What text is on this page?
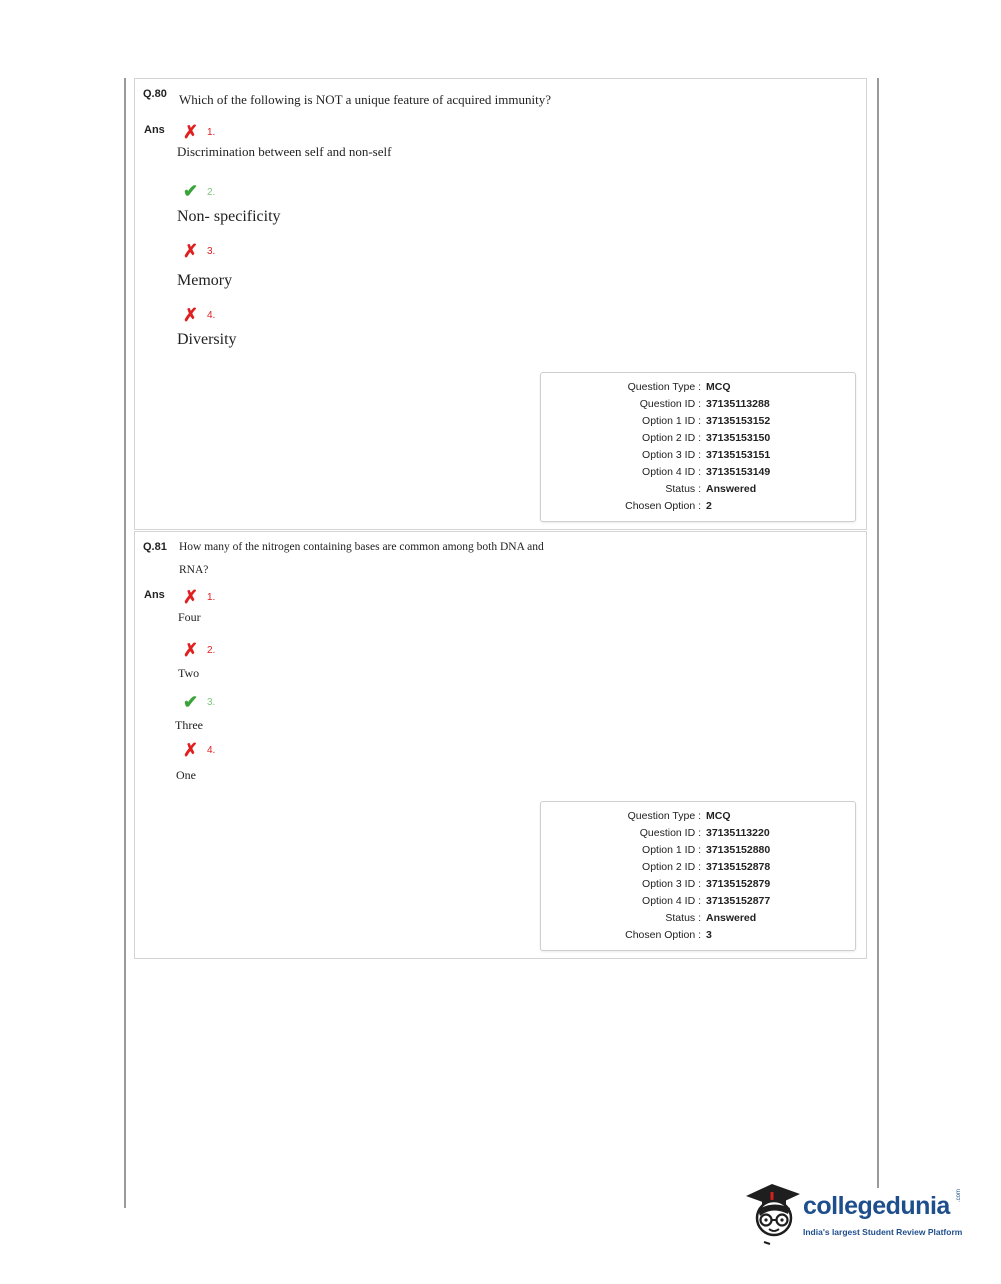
Q.80 Which of the following is NOT a unique feature of acquired immunity?
Ans ✗ 1.
Discrimination between self and non-self
✔ 2.
Non- specificity
✗ 3.
Memory
✗ 4.
Diversity
Question Type : MCQ
Question ID : 37135113288
Option 1 ID : 37135153152
Option 2 ID : 37135153150
Option 3 ID : 37135153151
Option 4 ID : 37135153149
Status : Answered
Chosen Option : 2
Q.81 How many of the nitrogen containing bases are common among both DNA and
RNA?
Ans ✗ 1.
Four
✗ 2.
Two
✔ 3.
Three
✗ 4.
One
Question Type : MCQ
Question ID : 37135113220
Option 1 ID : 37135152880
Option 2 ID : 37135152878
Option 3 ID : 37135152879
Option 4 ID : 37135152877
Status : Answered
Chosen Option : 3
collegedunia .com
India's largest Student Review Platform
